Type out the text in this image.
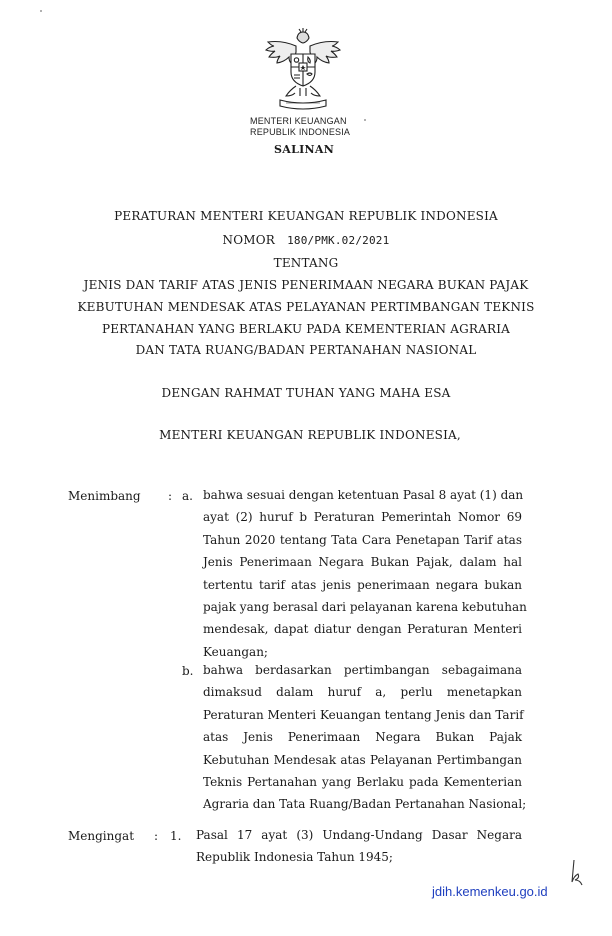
MENTERI KEUANGAN
REPUBLIK INDONESIA
SALINAN
PERATURAN MENTERI KEUANGAN REPUBLIK INDONESIA
NOMOR 180/PMK.02/2021
TENTANG
JENIS DAN TARIF ATAS JENIS PENERIMAAN NEGARA BUKAN PAJAK
KEBUTUHAN MENDESAK ATAS PELAYANAN PERTIMBANGAN TEKNIS
PERTANAHAN YANG BERLAKU PADA KEMENTERIAN AGRARIA
DAN TATA RUANG/BADAN PERTANAHAN NASIONAL
DENGAN RAHMAT TUHAN YANG MAHA ESA
MENTERI KEUANGAN REPUBLIK INDONESIA,
Menimbang : a. bahwa sesuai dengan ketentuan Pasal 8 ayat (1) dan
ayat (2) huruf b Peraturan Pemerintah Nomor 69
Tahun 2020 tentang Tata Cara Penetapan Tarif atas
Jenis Penerimaan Negara Bukan Pajak, dalam hal
tertentu tarif atas jenis penerimaan negara bukan
pajak yang berasal dari pelayanan karena kebutuhan
mendesak, dapat diatur dengan Peraturan Menteri
Keuangan;
b. bahwa berdasarkan pertimbangan sebagaimana
dimaksud dalam huruf a, perlu menetapkan
Peraturan Menteri Keuangan tentang Jenis dan Tarif
atas Jenis Penerimaan Negara Bukan Pajak
Kebutuhan Mendesak atas Pelayanan Pertimbangan
Teknis Pertanahan yang Berlaku pada Kementerian
Agraria dan Tata Ruang/Badan Pertanahan Nasional;
Mengingat : 1. Pasal 17 ayat (3) Undang-Undang Dasar Negara
Republik Indonesia Tahun 1945;
jdih.kemenkeu.go.id
